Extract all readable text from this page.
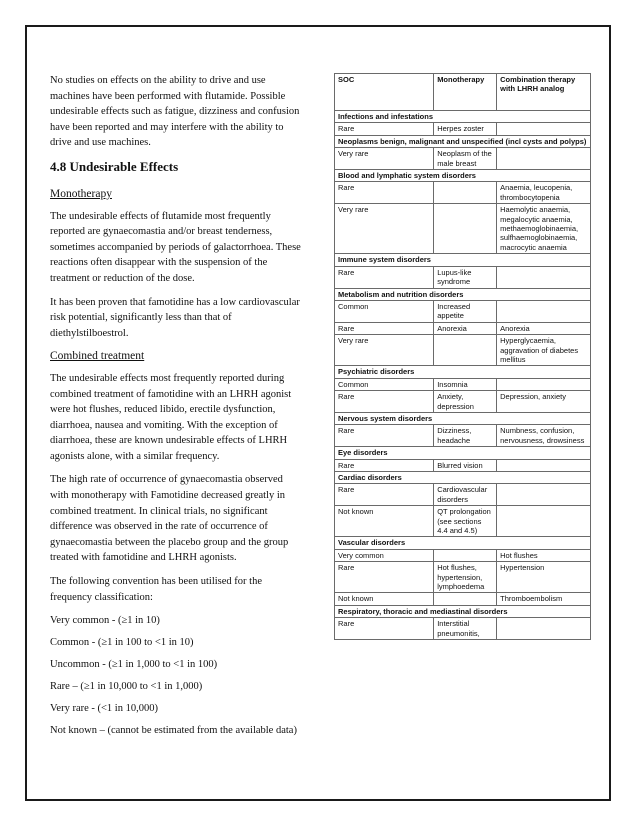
No studies on effects on the ability to drive and use machines have been performed with flutamide. Possible undesirable effects such as fatigue, dizziness and confusion have been reported and may interfere with the ability to drive and use machines.

4.8 Undesirable Effects

Monotherapy

The undesirable effects of flutamide most frequently reported are gynaecomastia and/or breast tenderness, sometimes accompanied by periods of galactorrhoea. These reactions often disappear with the suspension of the treatment or reduction of the dose.

It has been proven that famotidine has a low cardiovascular risk potential, significantly less than that of diethylstilboestrol.

Combined treatment

The undesirable effects most frequently reported during combined treatment of famotidine with an LHRH agonist were hot flushes, reduced libido, erectile dysfunction, diarrhoea, nausea and vomiting. With the exception of diarrhoea, these are known undesirable effects of LHRH agonists alone, with a similar frequency.

The high rate of occurrence of gynaecomastia observed with monotherapy with Famotidine decreased greatly in combined treatment. In clinical trials, no significant difference was observed in the rate of occurrence of gynaecomastia between the placebo group and the group treated with famotidine and LHRH agonists.

The following convention has been utilised for the frequency classification:

Very common - (≥1 in 10)

Common - (≥1 in 100 to <1 in 10)

Uncommon - (≥1 in 1,000 to <1 in 100)

Rare – (≥1 in 10,000 to <1 in 1,000)

Very rare - (<1 in 10,000)

Not known – (cannot be estimated from the available data)

SOC	Monotherapy	Combination therapy with LHRH analog
Infections and infestations		
Rare	Herpes zoster	
Neoplasms benign, malignant and unspecified (incl cysts and polyps)		
Very rare	Neoplasm of the male breast	
Blood and lymphatic system disorders		
Rare		Anaemia, leucopenia, thrombocytopenia
Very rare		Haemolytic anaemia, megalocytic anaemia, methaemoglobinaemia, sulfhaemoglobinaemia, macrocytic anaemia
Immune system disorders		
Rare	Lupus-like syndrome	
Metabolism and nutrition disorders		
Common	Increased appetite	
Rare	Anorexia	Anorexia
Very rare		Hyperglycaemia, aggravation of diabetes mellitus
Psychiatric disorders		
Common	Insomnia	
Rare	Anxiety, depression	Depression, anxiety
Nervous system disorders		
Rare	Dizziness, headache	Numbness, confusion, nervousness, drowsiness
Eye disorders		
Rare	Blurred vision	
Cardiac disorders		
Rare	Cardiovascular disorders	
Not known	QT prolongation (see sections 4.4 and 4.5)	
Vascular disorders		
Very common		Hot flushes
Rare	Hot flushes, hypertension, lymphoedema	Hypertension
Not known		Thromboembolism
Respiratory, thoracic and mediastinal disorders		
Rare	Interstitial pneumonitis,	
